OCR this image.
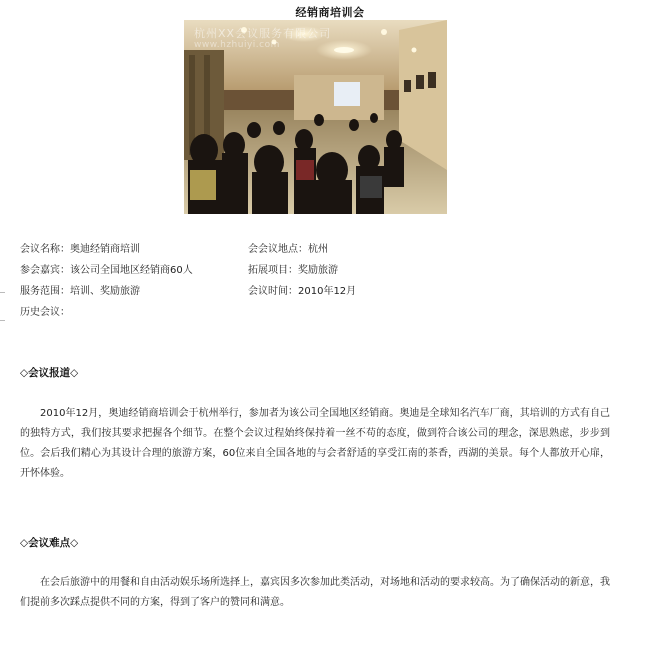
经销商培训会
杭州XX会议服务有限公司
www.hzhuiyi.com
会议名称：奥迪经销商培训
参会嘉宾：该公司全国地区经销商60人
服务范围：培训、奖励旅游
历史会议：
会会议地点：杭州
拓展项目：奖励旅游
会议时间：2010年12月
◇会议报道◇
2010年12月，奥迪经销商培训会于杭州举行，参加者为该公司全国地区经销商。奥迪是全球知名汽车厂商，其培训的方式有自己的独特方式，我们按其要求把握各个细节。在整个会议过程始终保持着一丝不苟的态度，做到符合该公司的理念，深思熟虑，步步到位。会后我们精心为其设计合理的旅游方案，60位来自全国各地的与会者舒适的享受江南的茶香，西湖的美景。每个人都放开心扉，开怀体验。
◇会议难点◇
在会后旅游中的用餐和自由活动娱乐场所选择上，嘉宾因多次参加此类活动，对场地和活动的要求较高。为了确保活动的新意，我们提前多次踩点提供不同的方案，得到了客户的赞同和满意。
